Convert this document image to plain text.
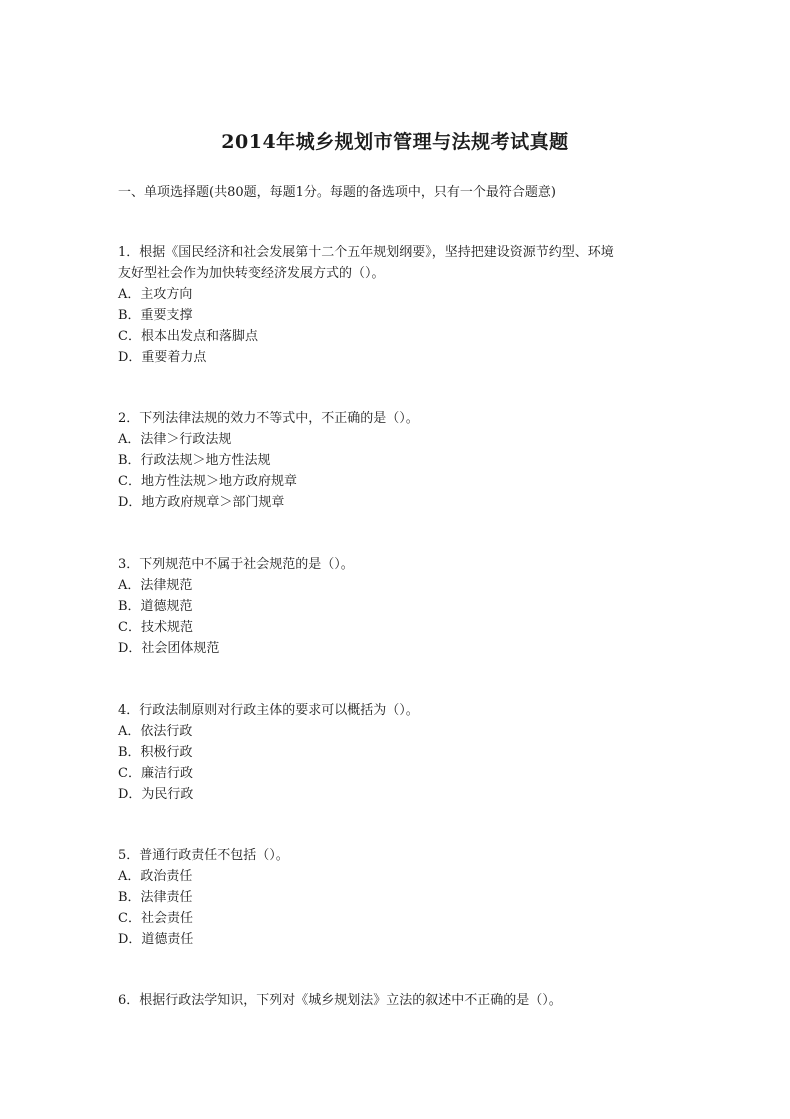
2014年城乡规划市管理与法规考试真题
一、单项选择题(共80题，每题1分。每题的备选项中，只有一个最符合题意)

1．根据《国民经济和社会发展第十二个五年规划纲要》，坚持把建设资源节约型、环境

友好型社会作为加快转变经济发展方式的（）。

A．主攻方向

B．重要支撑

C．根本出发点和落脚点

D．重要着力点

2．下列法律法规的效力不等式中，不正确的是（）。

A．法律＞行政法规

B．行政法规＞地方性法规

C．地方性法规＞地方政府规章

D．地方政府规章＞部门规章

3．下列规范中不属于社会规范的是（）。

A．法律规范

B．道德规范

C．技术规范

D．社会团体规范

4．行政法制原则对行政主体的要求可以概括为（）。

A．依法行政

B．积极行政

C．廉洁行政

D．为民行政

5．普通行政责任不包括（）。

A．政治责任

B．法律责任

C．社会责任

D．道德责任

6．根据行政法学知识，下列对《城乡规划法》立法的叙述中不正确的是（）。
